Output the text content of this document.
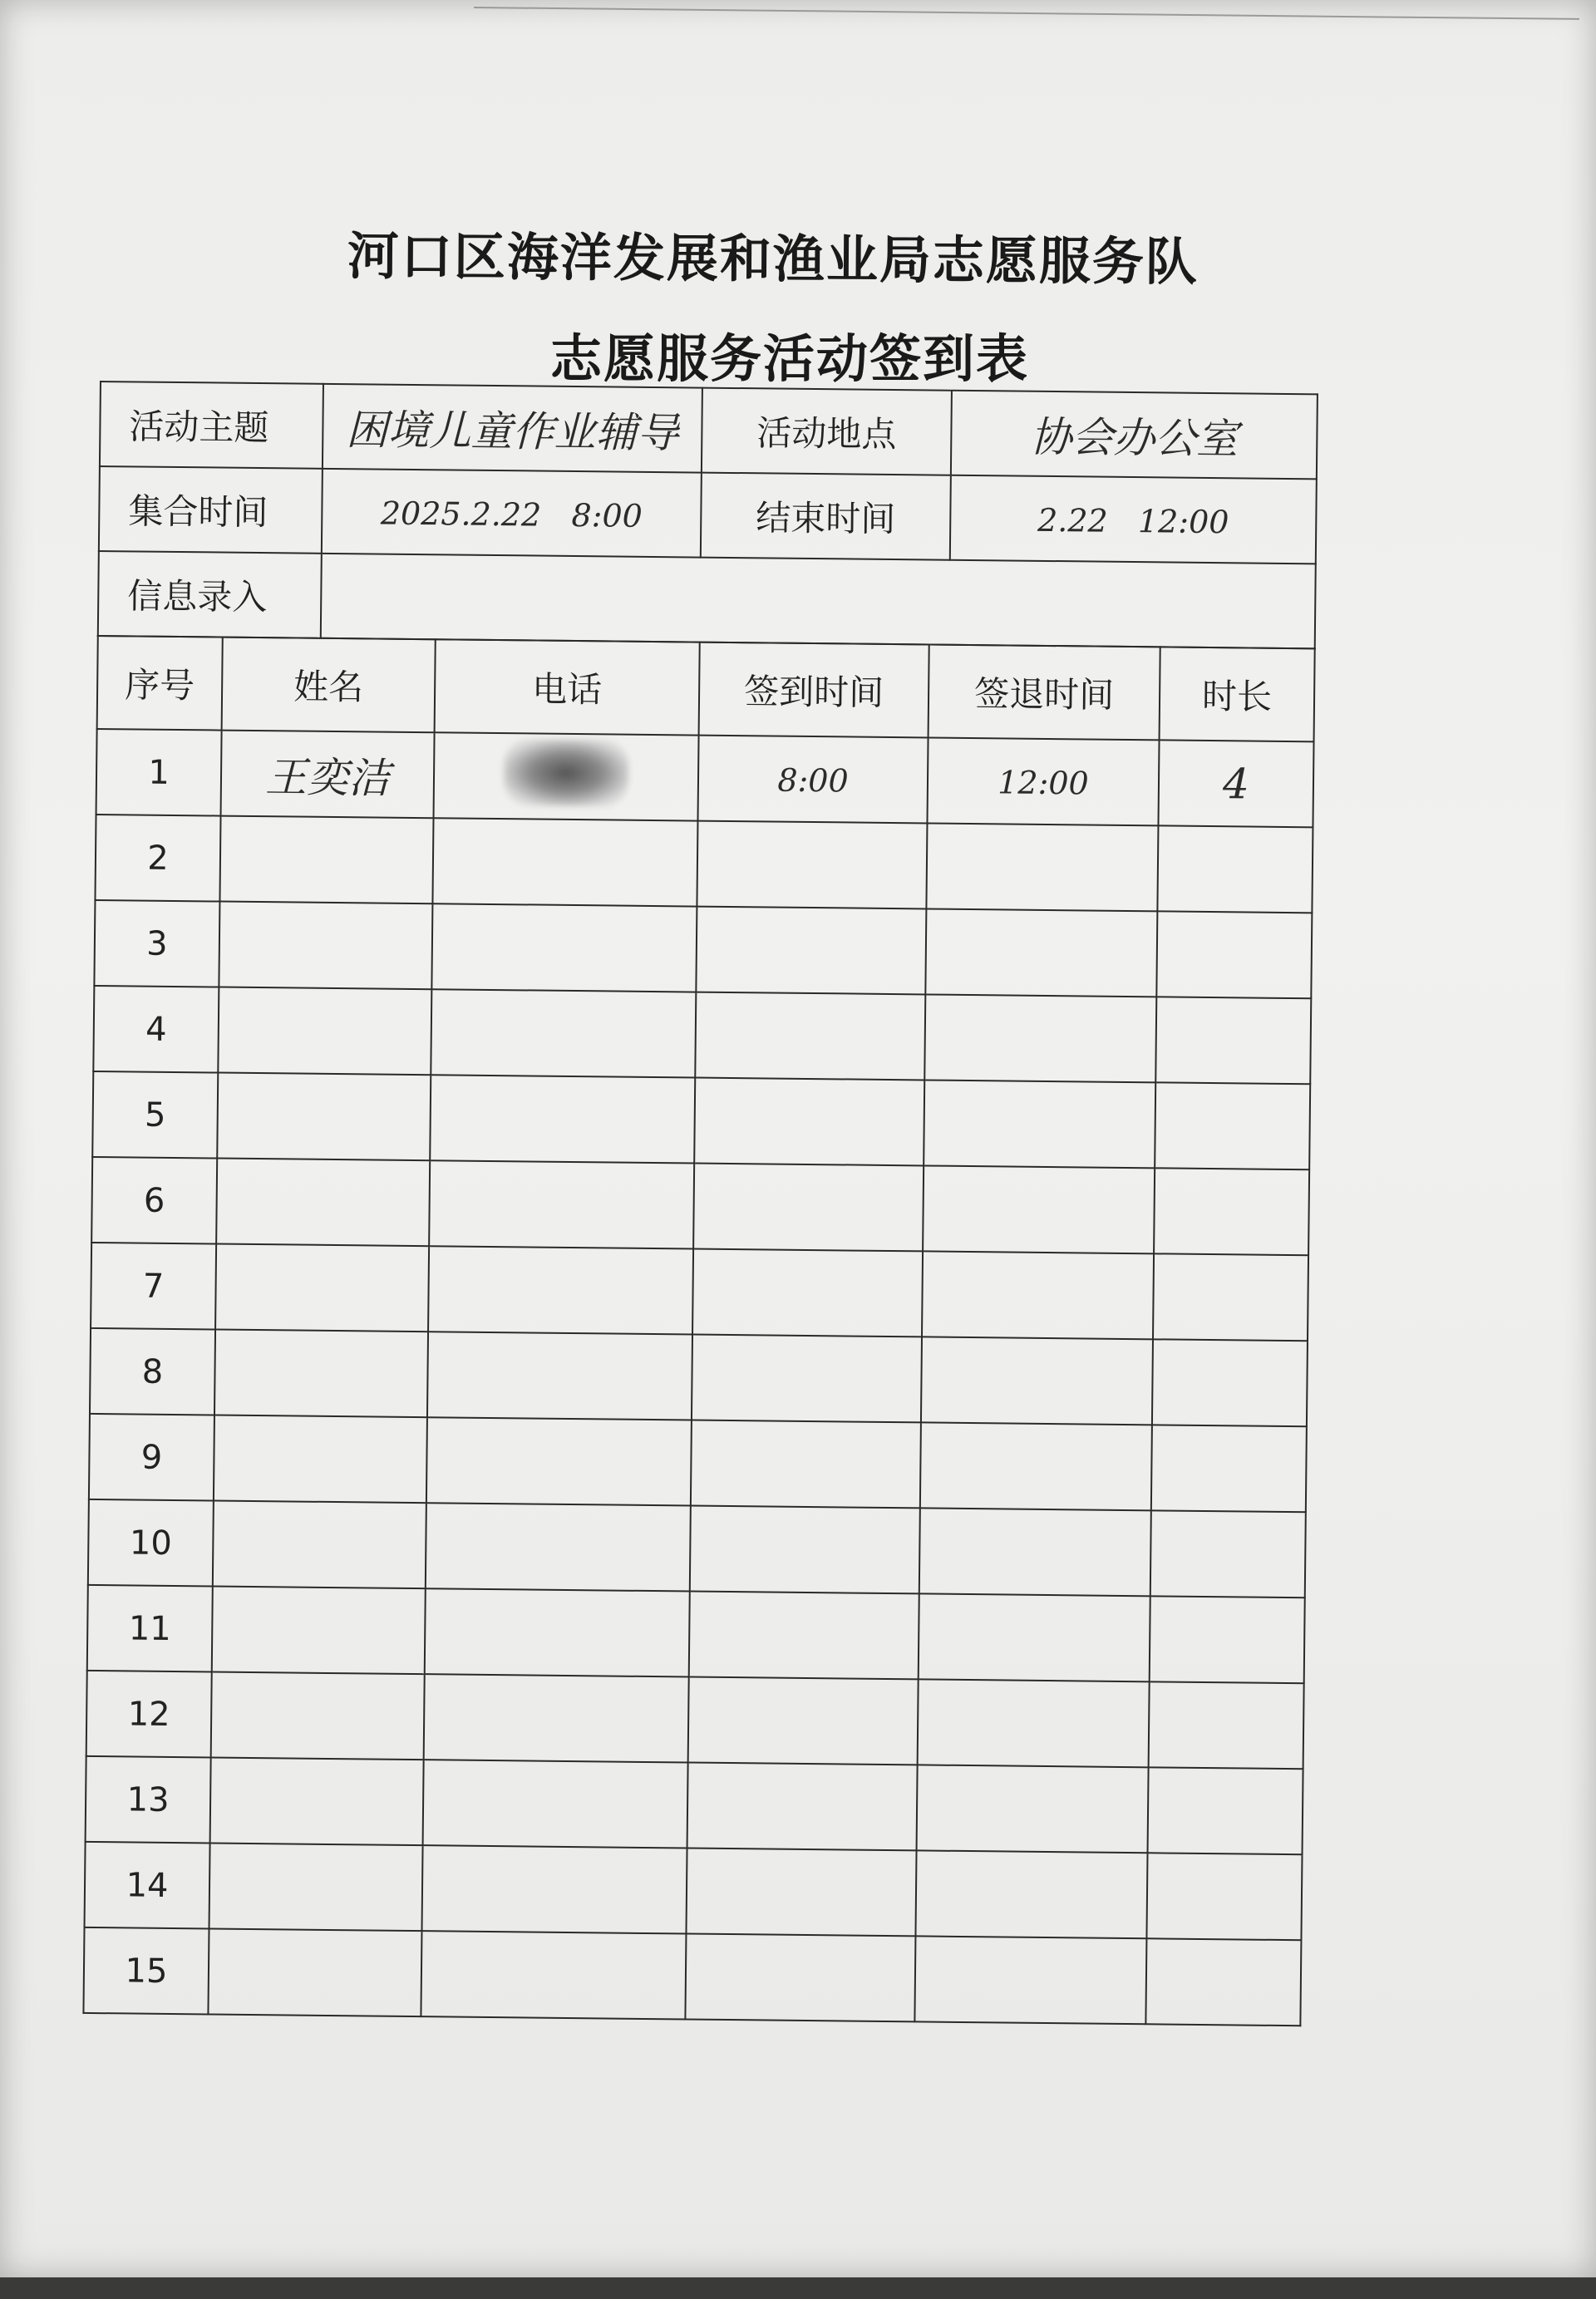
河口区海洋发展和渔业局志愿服务队
志愿服务活动签到表
活动主题	困境儿童作业辅导	活动地点	协会办公室
集合时间	2025.2.22   8:00	结束时间	2.22   12:00
信息录入			
序号	姓名	电话	签到时间	签退时间	时长
1	王奕洁		8:00	12:00	4
2					
3					
4					
5					
6					
7					
8					
9					
10					
11					
12					
13					
14					
15					
